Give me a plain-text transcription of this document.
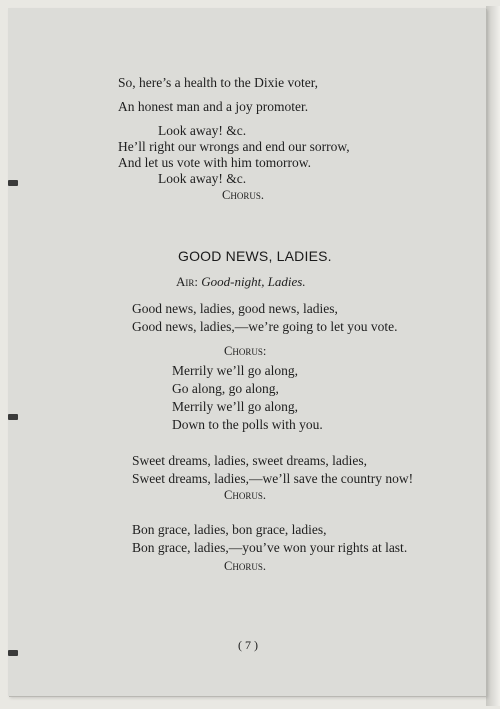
So, here’s a health to the Dixie voter,

An honest man and a joy promoter.

Look away! &c.

He’ll right our wrongs and end our sorrow,

And let us vote with him tomorrow.

Look away! &c.

Chorus.

GOOD NEWS, LADIES.

Air: Good-night, Ladies.

Good news, ladies, good news, ladies,

Good news, ladies,—we’re going to let you vote.

Chorus:

Merrily we’ll go along,

Go along, go along,

Merrily we’ll go along,

Down to the polls with you.

Sweet dreams, ladies, sweet dreams, ladies,

Sweet dreams, ladies,—we’ll save the country now!

Chorus.

Bon grace, ladies, bon grace, ladies,

Bon grace, ladies,—you’ve won your rights at last.

Chorus.

( 7 )
